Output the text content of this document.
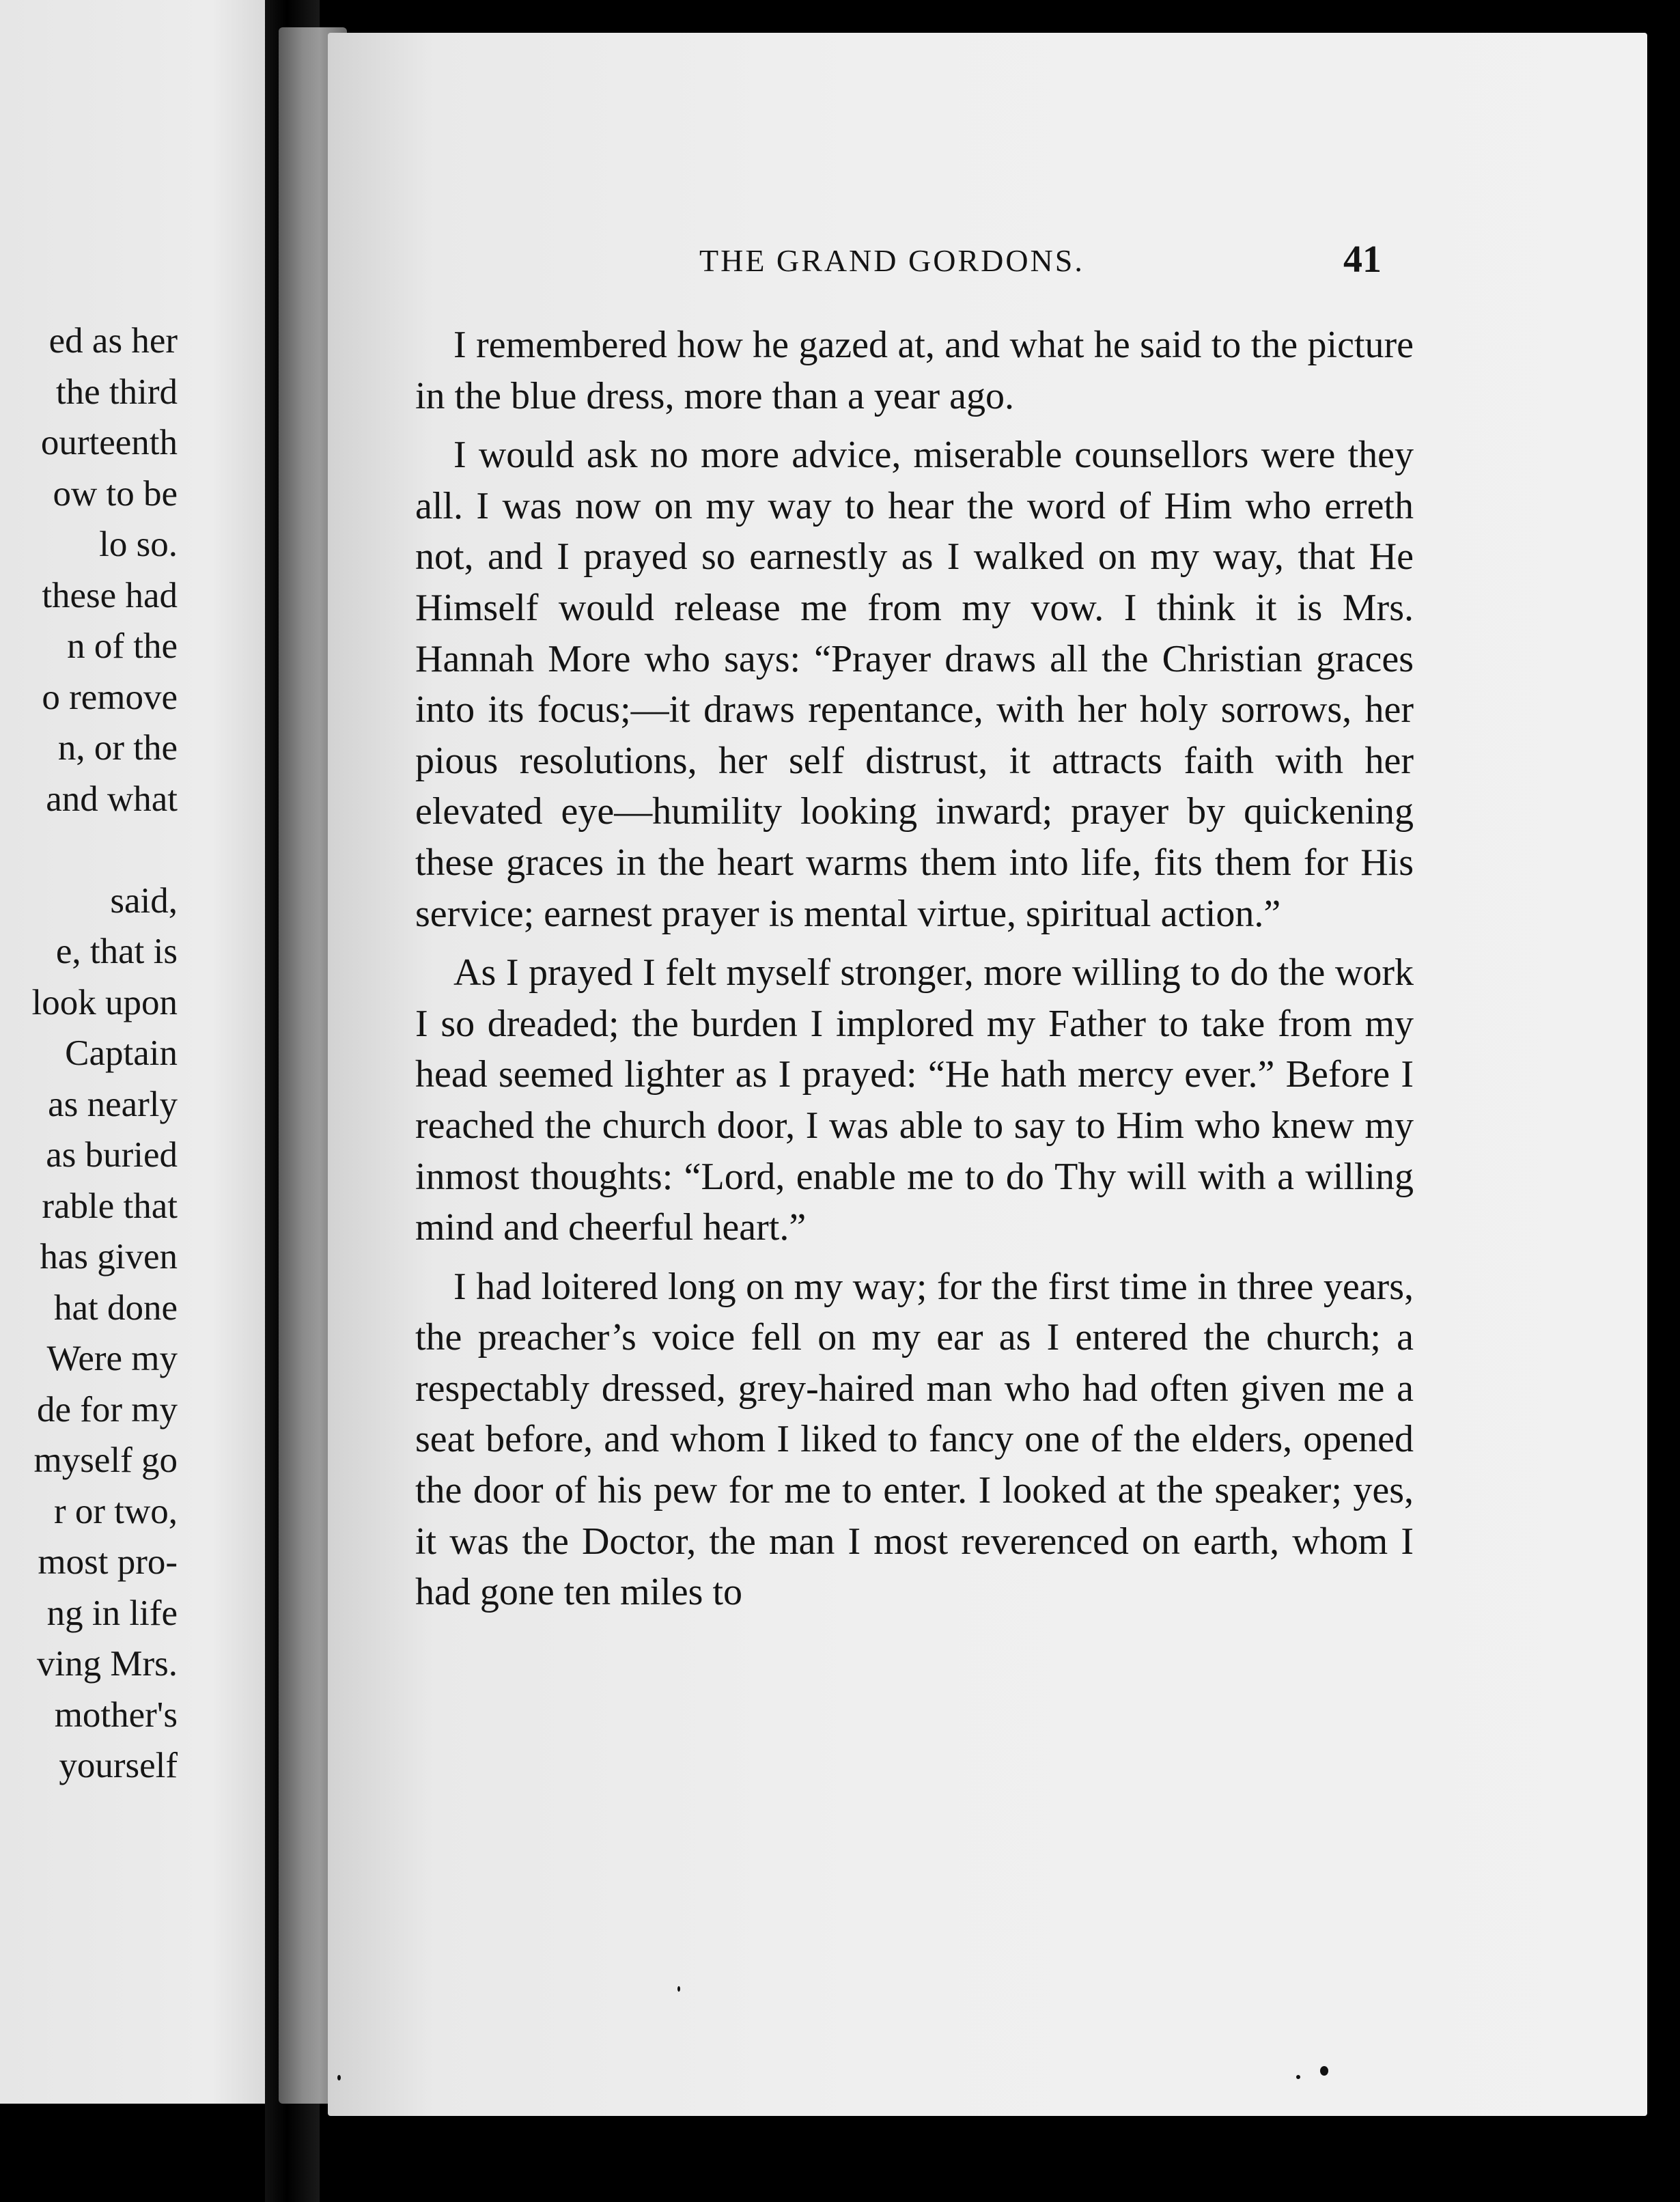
ed as her
the third
ourteenth
ow to be
lo so.
these had
n of the
o remove
n, or the
and what
said,
e, that is
look upon
Captain
as nearly
as buried
rable that
has given
hat done
Were my
de for my
myself go
r or two,
most pro-
ng in life
ving Mrs.
mother's
yourself
THE GRAND GORDONS.	41

I remembered how he gazed at, and what he said to the picture in the blue dress, more than a year ago.

I would ask no more advice, miserable counsellors were they all. I was now on my way to hear the word of Him who erreth not, and I prayed so earnestly as I walked on my way, that He Himself would release me from my vow. I think it is Mrs. Hannah More who says: “Prayer draws all the Christian graces into its focus;—it draws repentance, with her holy sorrows, her pious resolutions, her self distrust, it attracts faith with her elevated eye—humility looking inward; prayer by quickening these graces in the heart warms them into life, fits them for His service; earnest prayer is mental virtue, spiritual action.”

As I prayed I felt myself stronger, more willing to do the work I so dreaded; the burden I implored my Father to take from my head seemed lighter as I prayed: “He hath mercy ever.” Before I reached the church door, I was able to say to Him who knew my inmost thoughts: “Lord, enable me to do Thy will with a willing mind and cheerful heart.”

I had loitered long on my way; for the first time in three years, the preacher’s voice fell on my ear as I entered the church; a respectably dressed, grey-haired man who had often given me a seat before, and whom I liked to fancy one of the elders, opened the door of his pew for me to enter. I looked at the speaker; yes, it was the Doctor, the man I most reverenced on earth, whom I had gone ten miles to
